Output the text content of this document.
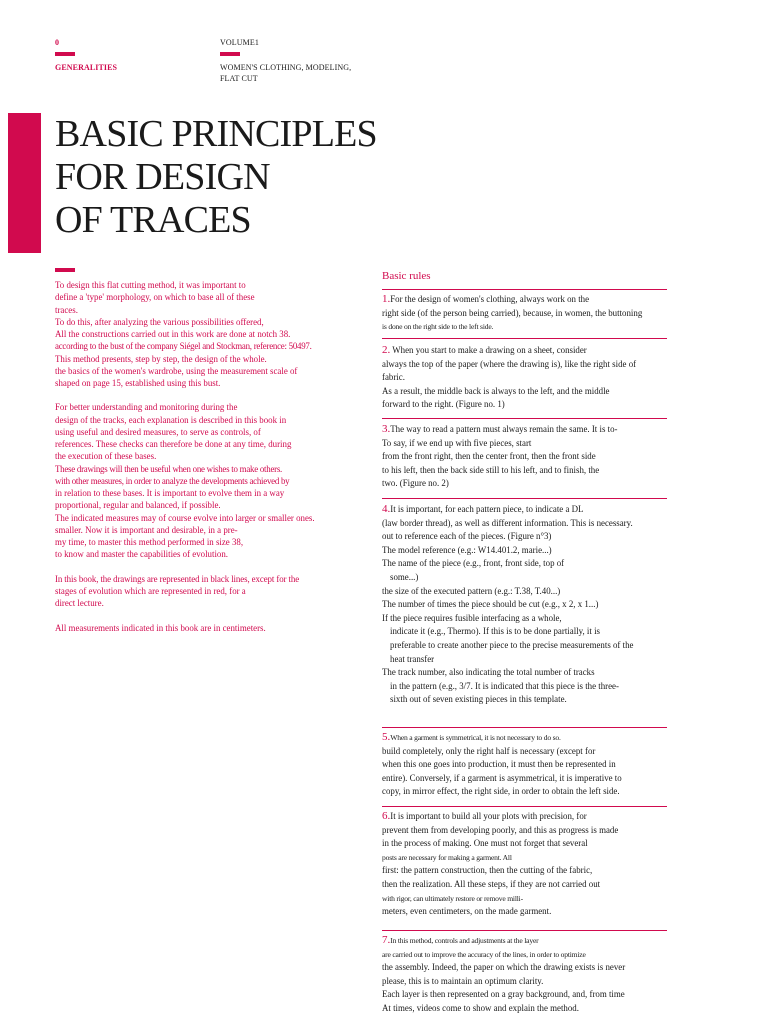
0
GENERALITIES
VOLUME1
WOMEN'S CLOTHING, MODELING,
FLAT CUT
BASIC PRINCIPLES
FOR DESIGN
OF TRACES
To design this flat cutting method, it was important to
define a 'type' morphology, on which to base all of these
traces.
To do this, after analyzing the various possibilities offered,
All the constructions carried out in this work are done at notch 38.
according to the bust of the company Siégel and Stockman, reference: 50497.
This method presents, step by step, the design of the whole.
the basics of the women's wardrobe, using the measurement scale of
shaped on page 15, established using this bust.
For better understanding and monitoring during the
design of the tracks, each explanation is described in this book in
using useful and desired measures, to serve as controls, of
references. These checks can therefore be done at any time, during
the execution of these bases.
These drawings will then be useful when one wishes to make others.
with other measures, in order to analyze the developments achieved by
in relation to these bases. It is important to evolve them in a way
proportional, regular and balanced, if possible.
The indicated measures may of course evolve into larger or smaller ones.
smaller. Now it is important and desirable, in a pre-
my time, to master this method performed in size 38,
to know and master the capabilities of evolution.
In this book, the drawings are represented in black lines, except for the
stages of evolution which are represented in red, for a
direct lecture.
All measurements indicated in this book are in centimeters.
Basic rules
1.For the design of women's clothing, always work on the
right side (of the person being carried), because, in women, the buttoning
is done on the right side to the left side.
2. When you start to make a drawing on a sheet, consider
always the top of the paper (where the drawing is), like the right side of
fabric.
As a result, the middle back is always to the left, and the middle
forward to the right. (Figure no. 1)
3.The way to read a pattern must always remain the same. It is to-
To say, if we end up with five pieces, start
from the front right, then the center front, then the front side
to his left, then the back side still to his left, and to finish, the
two. (Figure no. 2)
4.It is important, for each pattern piece, to indicate a DL
(law border thread), as well as different information. This is necessary.
out to reference each of the pieces. (Figure n°3)
The model reference (e.g.: W14.401.2, marie...)
The name of the piece (e.g., front, front side, top of
some...)
the size of the executed pattern (e.g.: T.38, T.40...)
The number of times the piece should be cut (e.g., x 2, x 1...)
If the piece requires fusible interfacing as a whole,
indicate it (e.g., Thermo). If this is to be done partially, it is
preferable to create another piece to the precise measurements of the
heat transfer
The track number, also indicating the total number of tracks
in the pattern (e.g., 3/7. It is indicated that this piece is the three-
sixth out of seven existing pieces in this template.
5.When a garment is symmetrical, it is not necessary to do so.
build completely, only the right half is necessary (except for
when this one goes into production, it must then be represented in
entire). Conversely, if a garment is asymmetrical, it is imperative to
copy, in mirror effect, the right side, in order to obtain the left side.
6.It is important to build all your plots with precision, for
prevent them from developing poorly, and this as progress is made
in the process of making. One must not forget that several
posts are necessary for making a garment. All
first: the pattern construction, then the cutting of the fabric,
then the realization. All these steps, if they are not carried out
with rigor, can ultimately restore or remove milli-
meters, even centimeters, on the made garment.
7.In this method, controls and adjustments at the layer
are carried out to improve the accuracy of the lines, in order to optimize
the assembly. Indeed, the paper on which the drawing exists is never
please, this is to maintain an optimum clarity.
Each layer is then represented on a gray background, and, from time
At times, videos come to show and explain the method.
